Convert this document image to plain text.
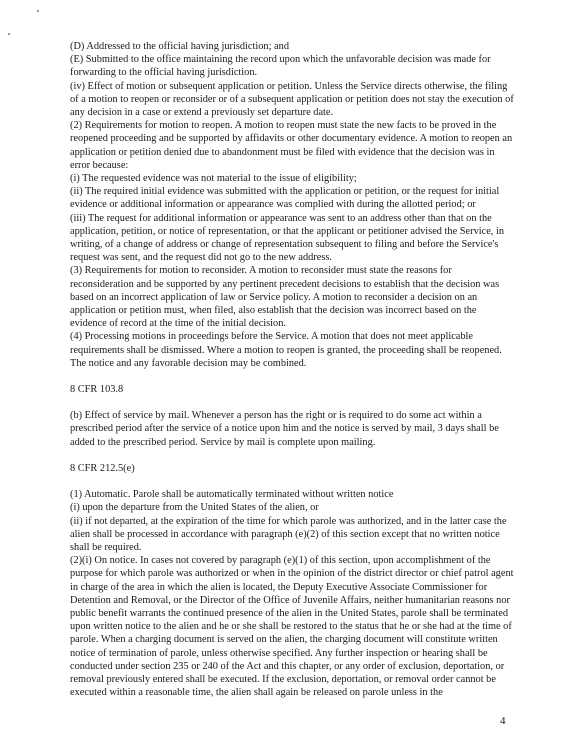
(D) Addressed to the official having jurisdiction; and

(E) Submitted to the office maintaining the record upon which the unfavorable decision was made for forwarding to the official having jurisdiction.

(iv) Effect of motion or subsequent application or petition. Unless the Service directs otherwise, the filing of a motion to reopen or reconsider or of a subsequent application or petition does not stay the execution of any decision in a case or extend a previously set departure date.

(2) Requirements for motion to reopen. A motion to reopen must state the new facts to be proved in the reopened proceeding and be supported by affidavits or other documentary evidence. A motion to reopen an application or petition denied due to abandonment must be filed with evidence that the decision was in error because:

(i) The requested evidence was not material to the issue of eligibility;

(ii) The required initial evidence was submitted with the application or petition, or the request for initial evidence or additional information or appearance was complied with during the allotted period; or

(iii) The request for additional information or appearance was sent to an address other than that on the application, petition, or notice of representation, or that the applicant or petitioner advised the Service, in writing, of a change of address or change of representation subsequent to filing and before the Service's request was sent, and the request did not go to the new address.

(3) Requirements for motion to reconsider. A motion to reconsider must state the reasons for reconsideration and be supported by any pertinent precedent decisions to establish that the decision was based on an incorrect application of law or Service policy. A motion to reconsider a decision on an application or petition must, when filed, also establish that the decision was incorrect based on the evidence of record at the time of the initial decision.

(4) Processing motions in proceedings before the Service. A motion that does not meet applicable requirements shall be dismissed. Where a motion to reopen is granted, the proceeding shall be reopened. The notice and any favorable decision may be combined.

8 CFR 103.8

(b) Effect of service by mail. Whenever a person has the right or is required to do some act within a prescribed period after the service of a notice upon him and the notice is served by mail, 3 days shall be added to the prescribed period. Service by mail is complete upon mailing.

8 CFR 212.5(e)

(1) Automatic. Parole shall be automatically terminated without written notice

(i) upon the departure from the United States of the alien, or

(ii) if not departed, at the expiration of the time for which parole was authorized, and in the latter case the alien shall be processed in accordance with paragraph (e)(2) of this section except that no written notice shall be required.

(2)(i) On notice. In cases not covered by paragraph (e)(1) of this section, upon accomplishment of the purpose for which parole was authorized or when in the opinion of the district director or chief patrol agent in charge of the area in which the alien is located, the Deputy Executive Associate Commissioner for Detention and Removal, or the Director of the Office of Juvenile Affairs, neither humanitarian reasons nor public benefit warrants the continued presence of the alien in the United States, parole shall be terminated upon written notice to the alien and he or she shall be restored to the status that he or she had at the time of parole. When a charging document is served on the alien, the charging document will constitute written notice of termination of parole, unless otherwise specified. Any further inspection or hearing shall be conducted under section 235 or 240 of the Act and this chapter, or any order of exclusion, deportation, or removal previously entered shall be executed. If the exclusion, deportation, or removal order cannot be executed within a reasonable time, the alien shall again be released on parole unless in the

4
